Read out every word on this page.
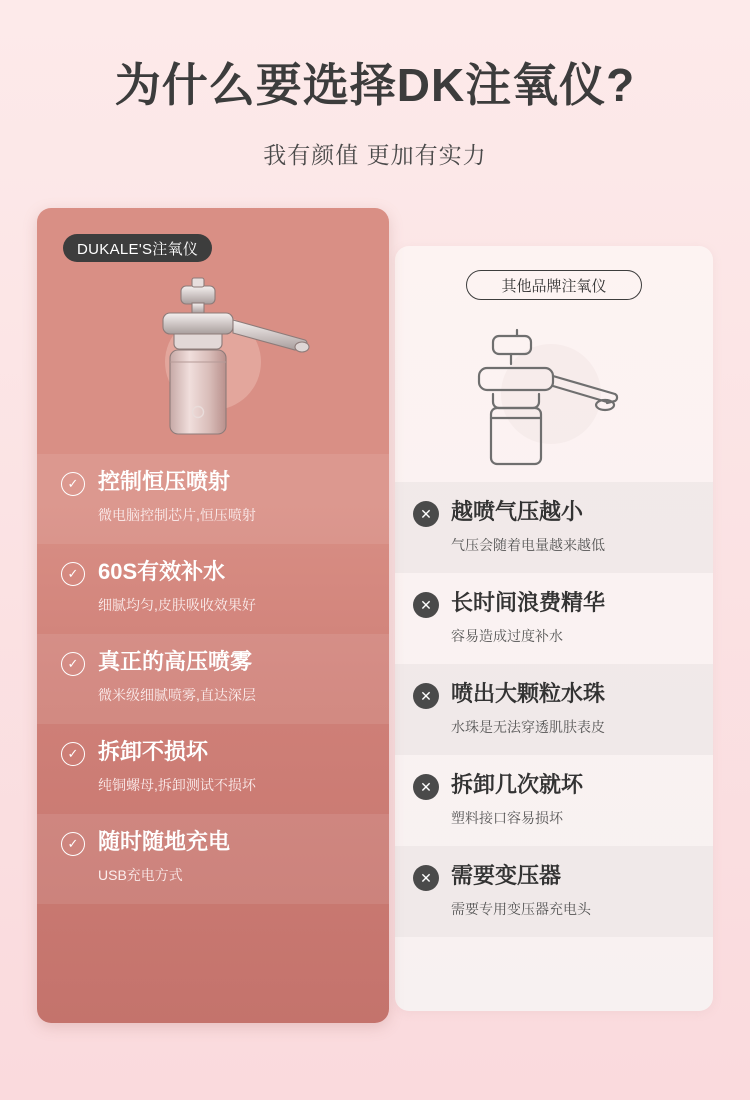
为什么要选择DK注氧仪?
我有颜值 更加有实力
其他品牌注氧仪
✕ 越喷气压越小
气压会随着电量越来越低
✕ 长时间浪费精华
容易造成过度补水
✕ 喷出大颗粒水珠
水珠是无法穿透肌肤表皮
✕ 拆卸几次就坏
塑料接口容易损坏
✕ 需要变压器
需要专用变压器充电头
DUKALE'S注氧仪
✓ 控制恒压喷射
微电脑控制芯片,恒压喷射
✓ 60S有效补水
细腻均匀,皮肤吸收效果好
✓ 真正的高压喷雾
微米级细腻喷雾,直达深层
✓ 拆卸不损坏
纯铜螺母,拆卸测试不损坏
✓ 随时随地充电
USB充电方式
